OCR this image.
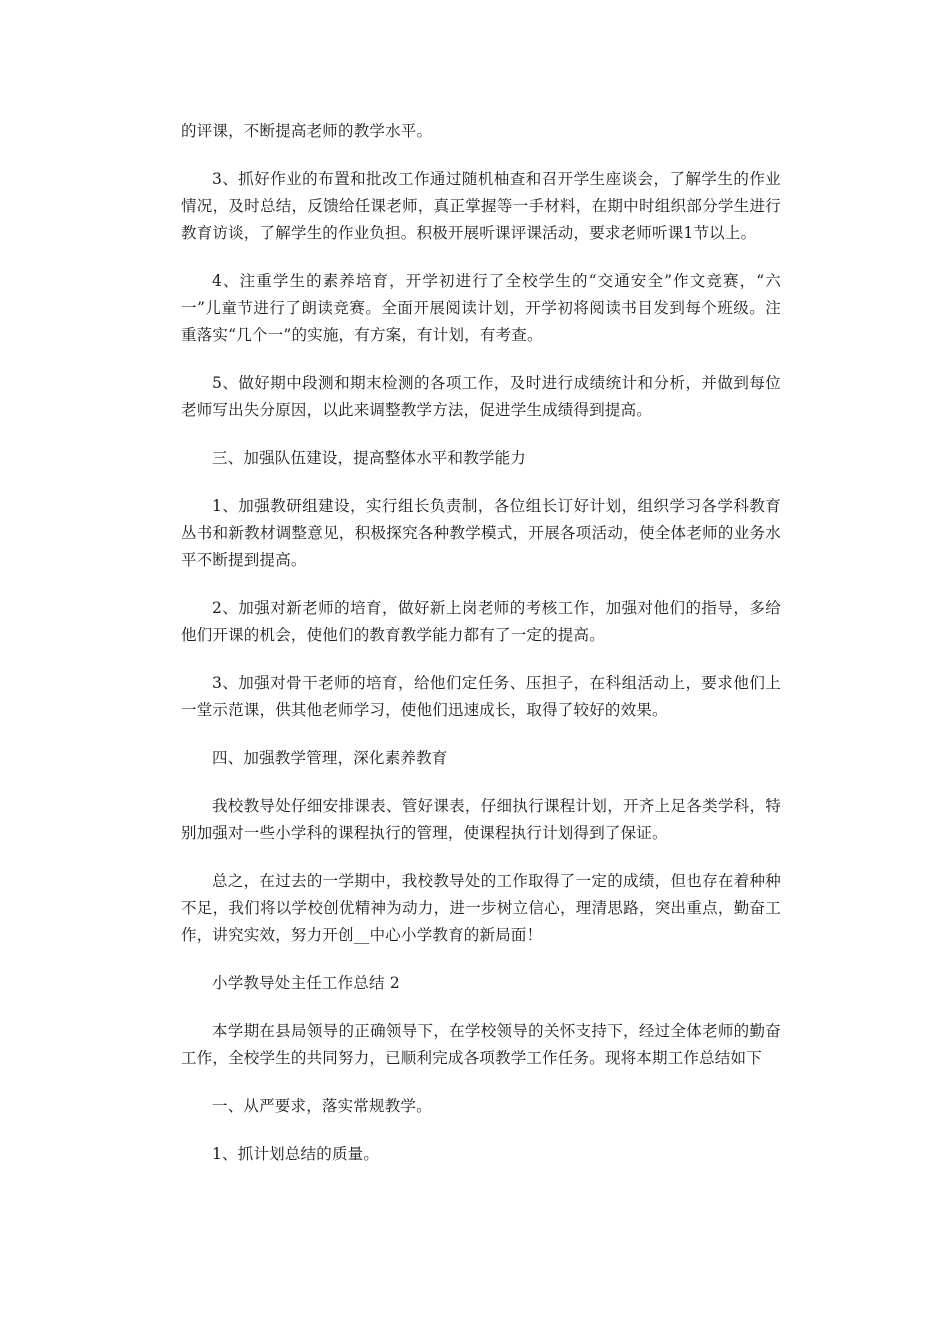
的评课，不断提高老师的教学水平。

3、抓好作业的布置和批改工作通过随机柚查和召开学生座谈会，了解学生的作业情况，及时总结，反馈给任课老师，真正掌握等一手材料，在期中时组织部分学生进行教育访谈，了解学生的作业负担。积极开展听课评课活动，要求老师听课1节以上。

4、注重学生的素养培育，开学初进行了全校学生的“交通安全”作文竞赛，“六一”儿童节进行了朗读竞赛。全面开展阅读计划，开学初将阅读书目发到每个班级。注重落实“几个一”的实施，有方案，有计划，有考查。

5、做好期中段测和期末检测的各项工作，及时进行成绩统计和分析，并做到每位老师写出失分原因，以此来调整教学方法，促进学生成绩得到提高。

三、加强队伍建设，提高整体水平和教学能力

1、加强教研组建设，实行组长负责制，各位组长订好计划，组织学习各学科教育丛书和新教材调整意见，积极探究各种教学模式，开展各项活动，使全体老师的业务水平不断提到提高。

2、加强对新老师的培育，做好新上岗老师的考核工作，加强对他们的指导，多给他们开课的机会，使他们的教育教学能力都有了一定的提高。

3、加强对骨干老师的培育，给他们定任务、压担子，在科组活动上，要求他们上一堂示范课，供其他老师学习，使他们迅速成长，取得了较好的效果。

四、加强教学管理，深化素养教育

我校教导处仔细安排课表、管好课表，仔细执行课程计划，开齐上足各类学科，特别加强对一些小学科的课程执行的管理，使课程执行计划得到了保证。

总之，在过去的一学期中，我校教导处的工作取得了一定的成绩，但也存在着种种不足，我们将以学校创优精神为动力，进一步树立信心，理清思路，突出重点，勤奋工作，讲究实效，努力开创__中心小学教育的新局面！

小学教导处主任工作总结 2

本学期在县局领导的正确领导下，在学校领导的关怀支持下，经过全体老师的勤奋工作，全校学生的共同努力，已顺利完成各项教学工作任务。现将本期工作总结如下

一、从严要求，落实常规教学。

1、抓计划总结的质量。
